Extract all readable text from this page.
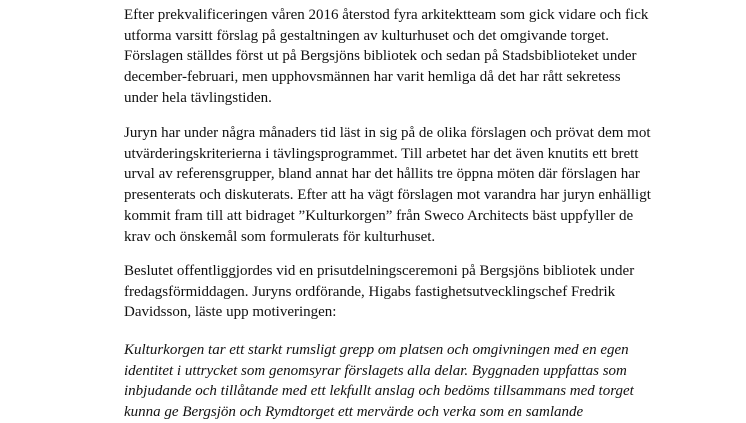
Efter prekvalificeringen våren 2016 återstod fyra arkitektteam som gick vidare och fick
utforma varsitt förslag på gestaltningen av kulturhuset och det omgivande torget.
Förslagen ställdes först ut på Bergsjöns bibliotek och sedan på Stadsbiblioteket under
december-februari, men upphovsmännen har varit hemliga då det har rått sekretess
under hela tävlingstiden.

Juryn har under några månaders tid läst in sig på de olika förslagen och prövat dem mot
utvärderingskriterierna i tävlingsprogrammet. Till arbetet har det även knutits ett brett
urval av referensgrupper, bland annat har det hållits tre öppna möten där förslagen har
presenterats och diskuterats. Efter att ha vägt förslagen mot varandra har juryn enhälligt
kommit fram till att bidraget ”Kulturkorgen” från Sweco Architects bäst uppfyller de
krav och önskemål som formulerats för kulturhuset.

Beslutet offentliggjordes vid en prisutdelningsceremoni på Bergsjöns bibliotek under
fredagsförmiddagen. Juryns ordförande, Higabs fastighetsutvecklingschef Fredrik
Davidsson, läste upp motiveringen:

Kulturkorgen tar ett starkt rumsligt grepp om platsen och omgivningen med en egen
identitet i uttrycket som genomsyrar förslagets alla delar. Byggnaden uppfattas som
inbjudande och tillåtande med ett lekfullt anslag och bedöms tillsammans med torget
kunna ge Bergsjön och Rymdtorget ett mervärde och verka som en samlande
